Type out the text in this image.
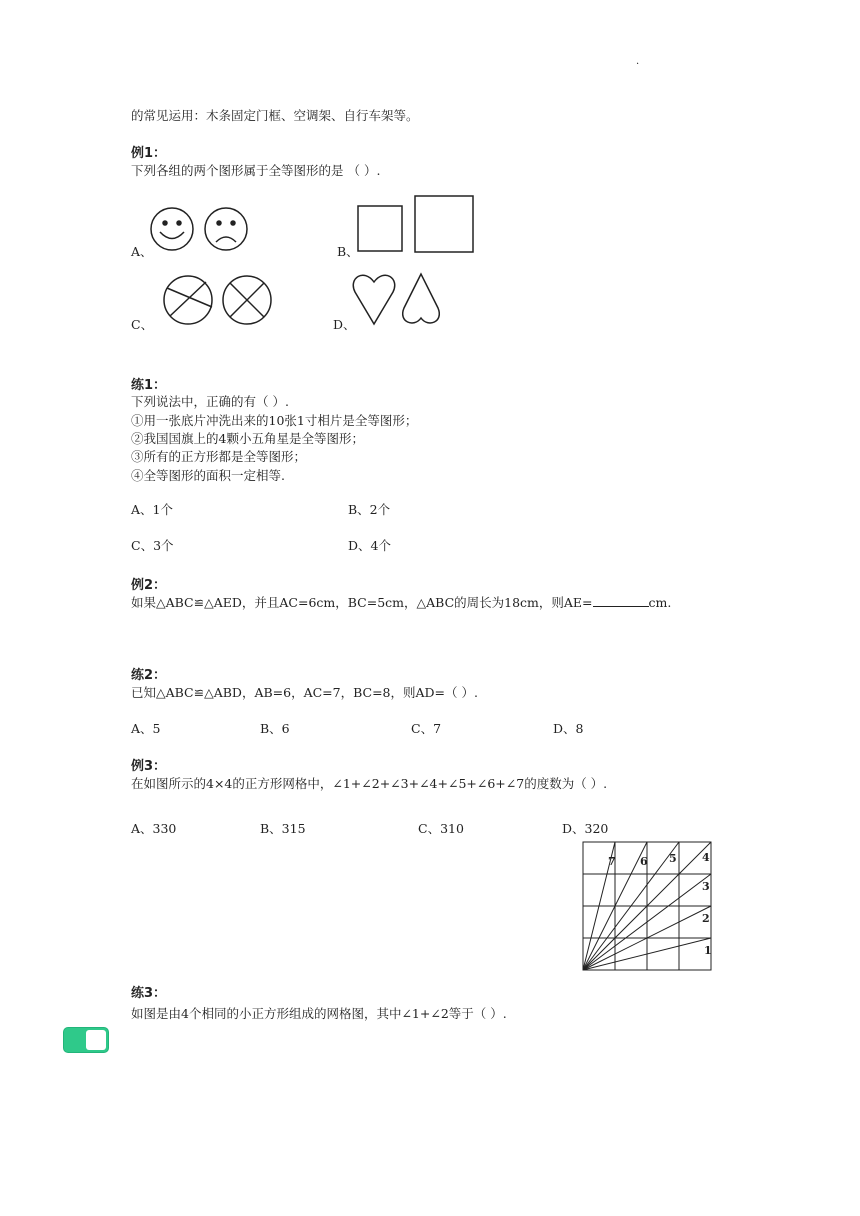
.
的常见运用：木条固定门框、空调架、自行车架等。
例1：
下列各组的两个图形属于全等图形的是 （ ）.
A、	B、
C、	D、
练1：
下列说法中，正确的有（ ）.
①用一张底片冲洗出来的10张1寸相片是全等图形；
②我国国旗上的4颗小五角星是全等图形；
③所有的正方形都是全等图形；
④全等图形的面积一定相等.
A、1个	B、2个
C、3个	D、4个
例2：
如果△ABC≌△AED，并且AC=6cm，BC=5cm，△ABC的周长为18cm，则AE=	cm.
练2：
已知△ABC≌△ABD，AB=6，AC=7，BC=8，则AD=（ ）.
A、5	B、6	C、7	D、8
例3：
在如图所示的4×4的正方形网格中，∠1+∠2+∠3+∠4+∠5+∠6+∠7的度数为（ ）.
A、330	B、315	C、310	D、320
1
2
3
4
5
6
7
练3：
如图是由4个相同的小正方形组成的网格图，其中∠1+∠2等于（ ）.
